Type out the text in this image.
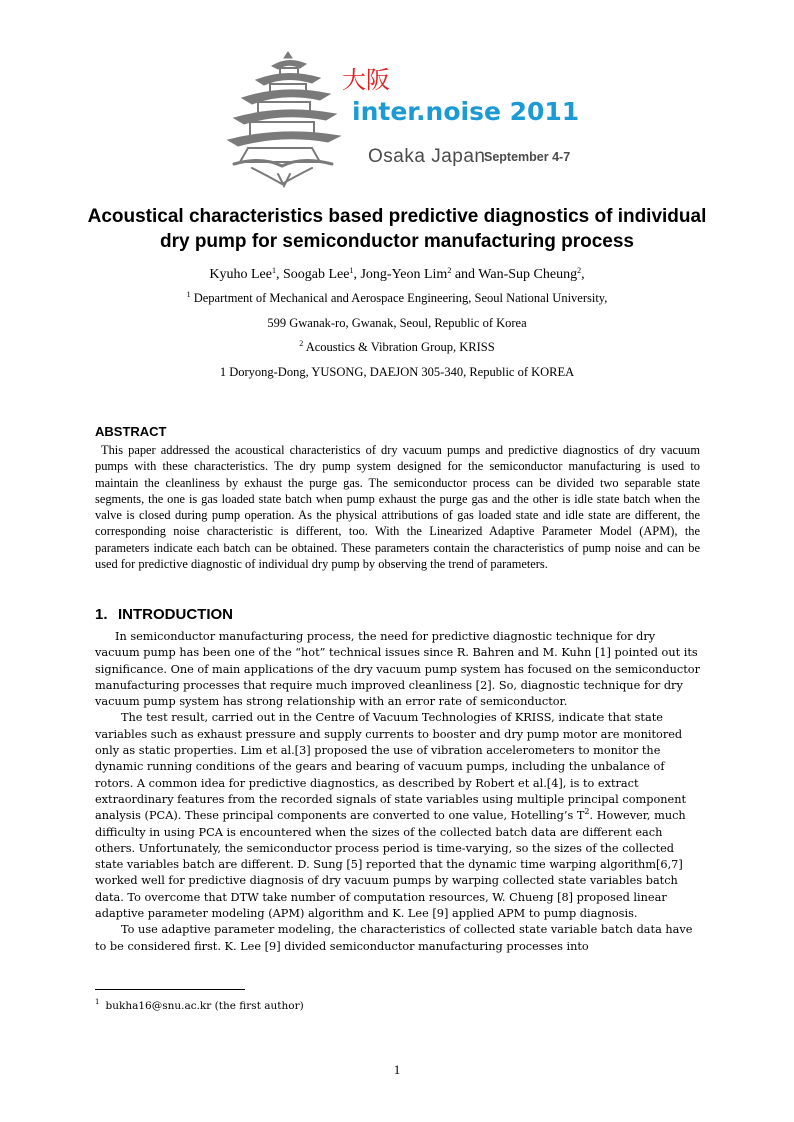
大阪
inter.noise 2011
Osaka Japan
September 4-7
Acoustical characteristics based predictive diagnostics of individual
dry pump for semiconductor manufacturing process

Kyuho Lee$^1$, Soogab Lee$^1$, Jong-Yeon Lim$^2$ and Wan-Sup Cheung$^2$,

$^1$ Department of Mechanical and Aerospace Engineering, Seoul National University,

599 Gwanak-ro, Gwanak, Seoul, Republic of Korea

$^2$ Acoustics & Vibration Group, KRISS

1 Doryong-Dong, YUSONG, DAEJON 305-340, Republic of KOREA

ABSTRACT

This paper addressed the acoustical characteristics of dry vacuum pumps and predictive diagnostics of dry vacuum pumps with these characteristics. The dry pump system designed for the semiconductor manufacturing is used to maintain the cleanliness by exhaust the purge gas. The semiconductor process can be divided two separable state segments, the one is gas loaded state batch when pump exhaust the purge gas and the other is idle state batch when the valve is closed during pump operation. As the physical attributions of gas loaded state and idle state are different, the corresponding noise characteristic is different, too. With the Linearized Adaptive Parameter Model (APM), the parameters indicate each batch can be obtained. These parameters contain the characteristics of pump noise and can be used for predictive diagnostic of individual dry pump by observing the trend of parameters.

1. INTRODUCTION

In semiconductor manufacturing process, the need for predictive diagnostic technique for dry vacuum pump has been one of the “hot” technical issues since R. Bahren and M. Kuhn [1] pointed out its significance. One of main applications of the dry vacuum pump system has focused on the semiconductor manufacturing processes that require much improved cleanliness [2]. So, diagnostic technique for dry vacuum pump system has strong relationship with an error rate of semiconductor.

The test result, carried out in the Centre of Vacuum Technologies of KRISS, indicate that state variables such as exhaust pressure and supply currents to booster and dry pump motor are monitored only as static properties. Lim et al.[3] proposed the use of vibration accelerometers to monitor the dynamic running conditions of the gears and bearing of vacuum pumps, including the unbalance of rotors. A common idea for predictive diagnostics, as described by Robert et al.[4], is to extract extraordinary features from the recorded signals of state variables using multiple principal component analysis (PCA). These principal components are converted to one value, Hotelling’s $T^2$. However, much difficulty in using PCA is encountered when the sizes of the collected batch data are different each others. Unfortunately, the semiconductor process period is time-varying, so the sizes of the collected state variables batch are different. D. Sung [5] reported that the dynamic time warping algorithm[6,7] worked well for predictive diagnosis of dry vacuum pumps by warping collected state variables batch data. To overcome that DTW take number of computation resources, W. Chueng [8] proposed linear adaptive parameter modeling (APM) algorithm and K. Lee [9] applied APM to pump diagnosis.

To use adaptive parameter modeling, the characteristics of collected state variable batch data have to be considered first. K. Lee [9] divided semiconductor manufacturing processes into

$^1$ bukha16@snu.ac.kr (the first author)

1
